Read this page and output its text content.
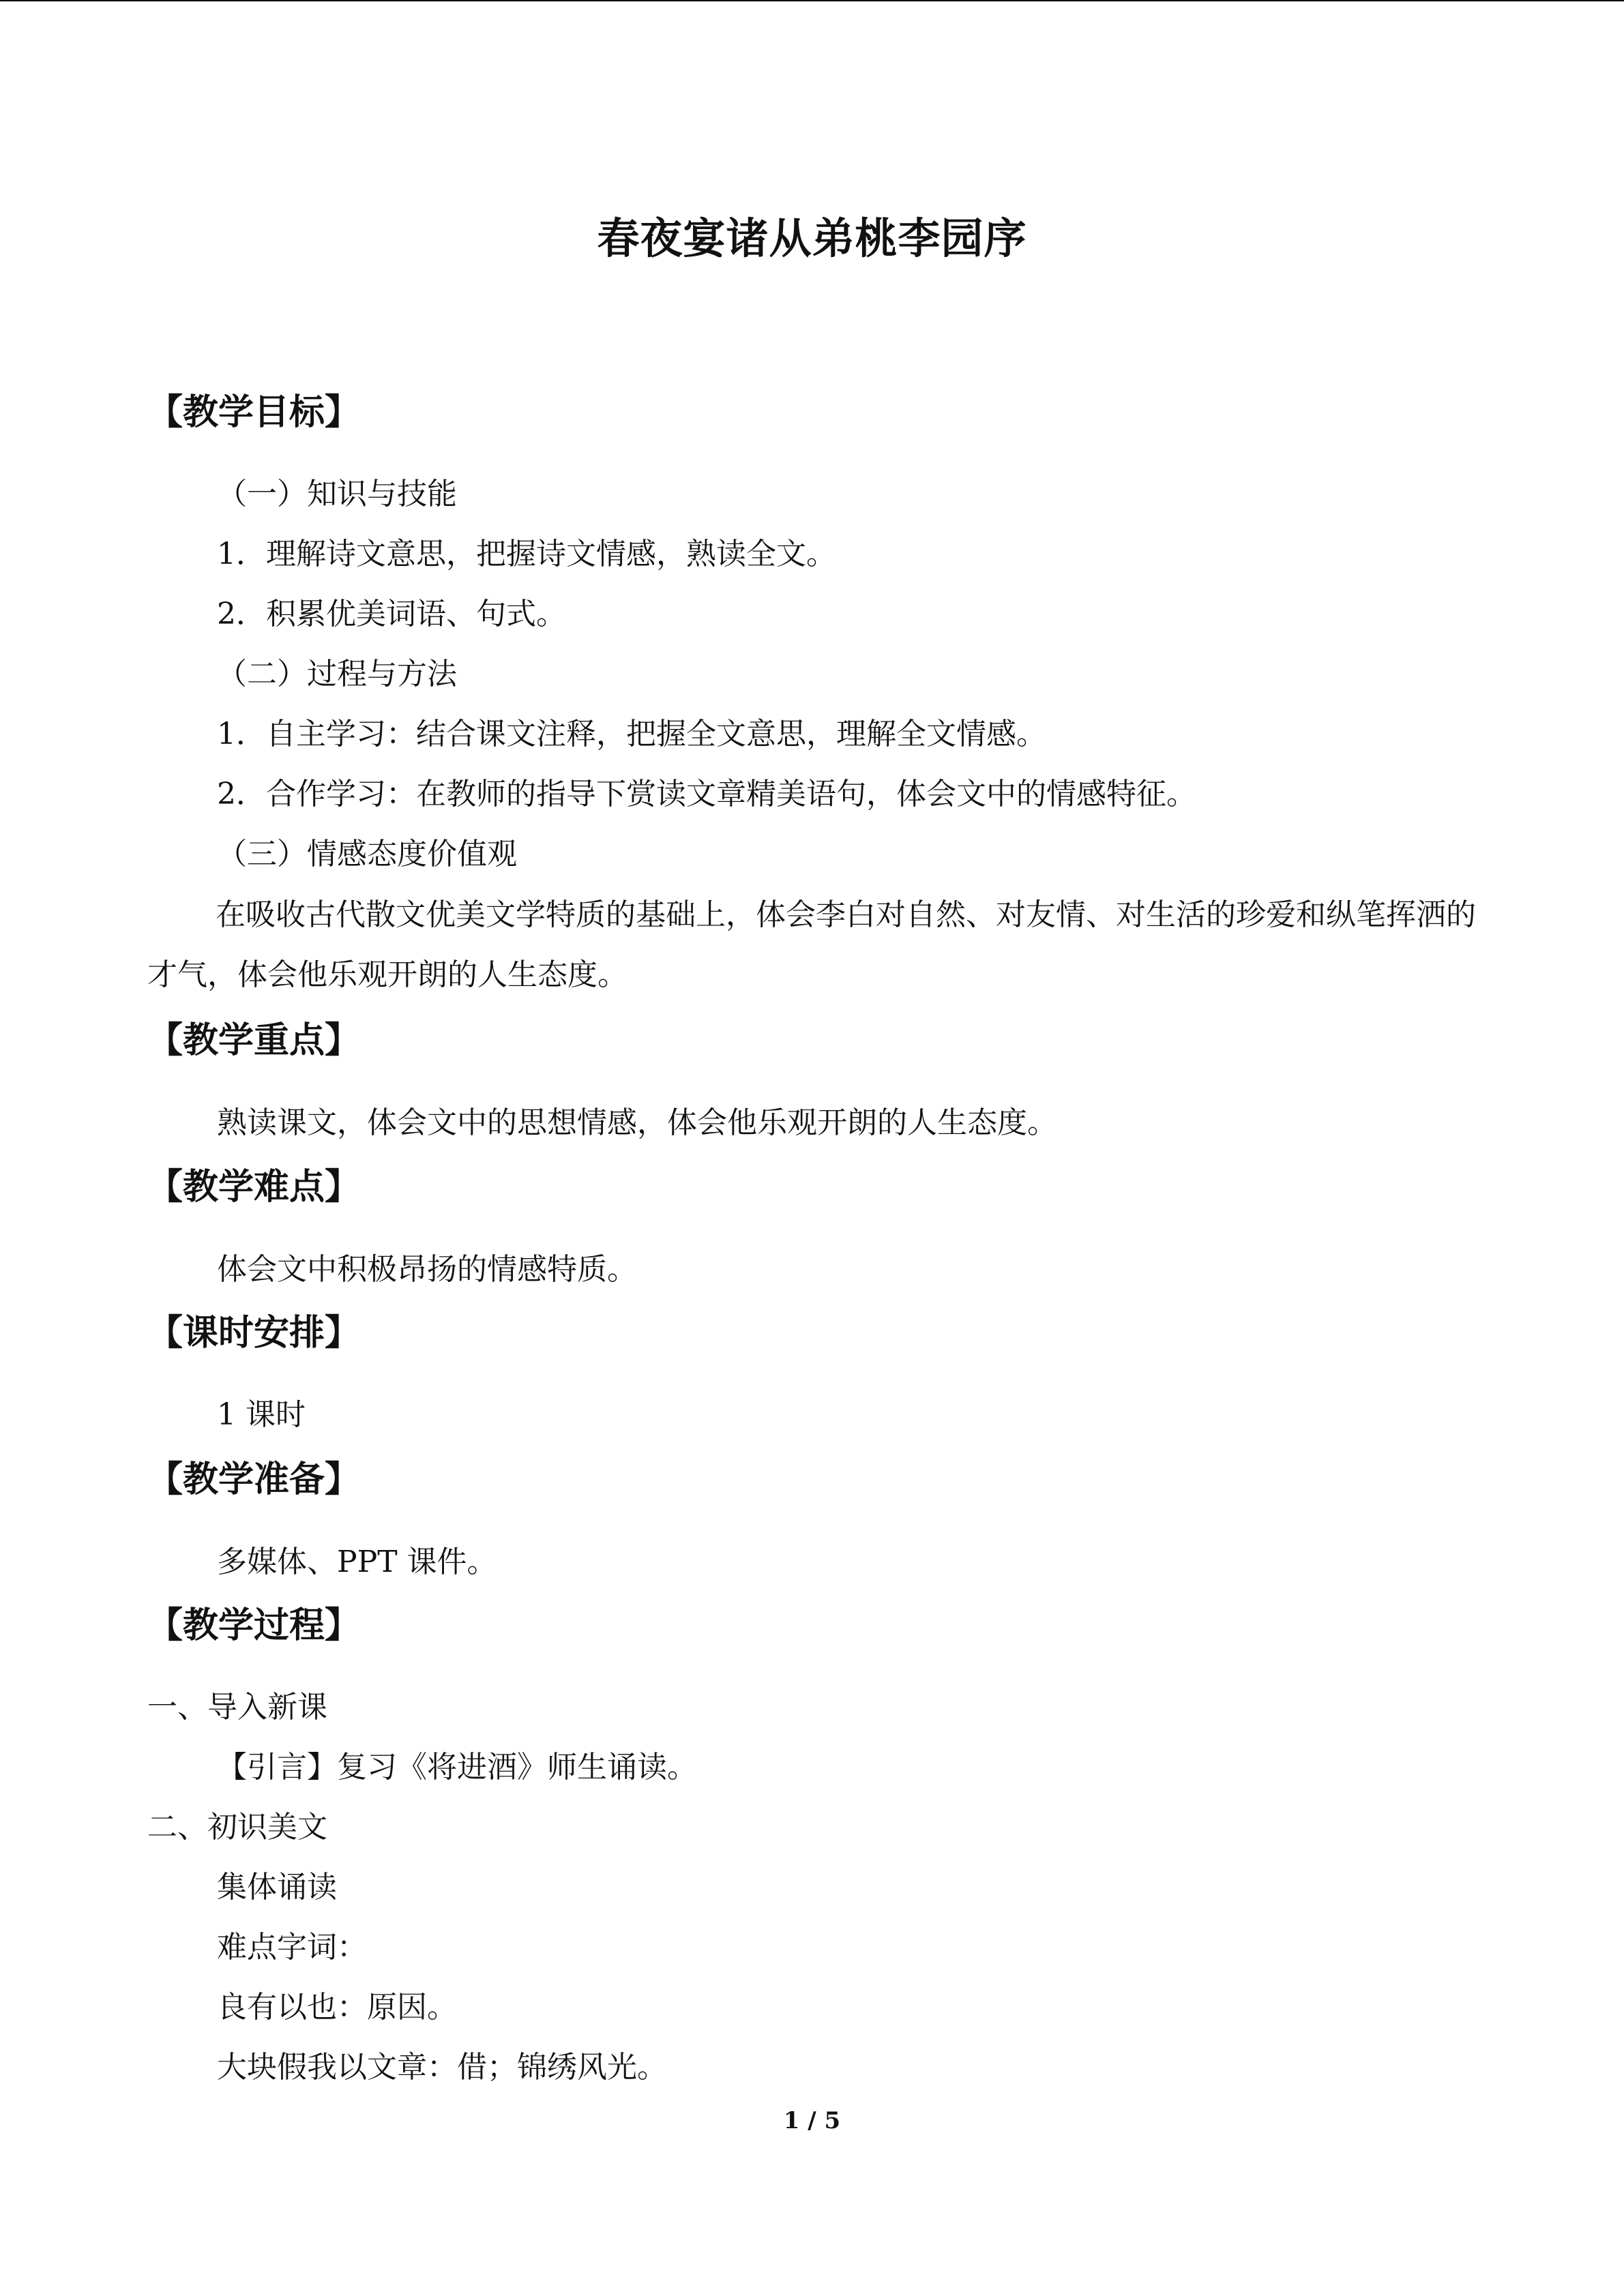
春夜宴诸从弟桃李园序
【教学目标】
（一）知识与技能
1．理解诗文意思，把握诗文情感，熟读全文。
2．积累优美词语、句式。
（二）过程与方法
1．自主学习：结合课文注释，把握全文意思，理解全文情感。
2．合作学习：在教师的指导下赏读文章精美语句，体会文中的情感特征。
（三）情感态度价值观
在吸收古代散文优美文学特质的基础上，体会李白对自然、对友情、对生活的珍爱和纵笔挥洒的才气，体会他乐观开朗的人生态度。
【教学重点】
熟读课文，体会文中的思想情感，体会他乐观开朗的人生态度。
【教学难点】
体会文中积极昂扬的情感特质。
【课时安排】
1 课时
【教学准备】
多媒体、PPT 课件。
【教学过程】
一、导入新课
【引言】复习《将进酒》师生诵读。
二、初识美文
集体诵读
难点字词：
良有以也：原因。
大块假我以文章：借；锦绣风光。
1 / 5
